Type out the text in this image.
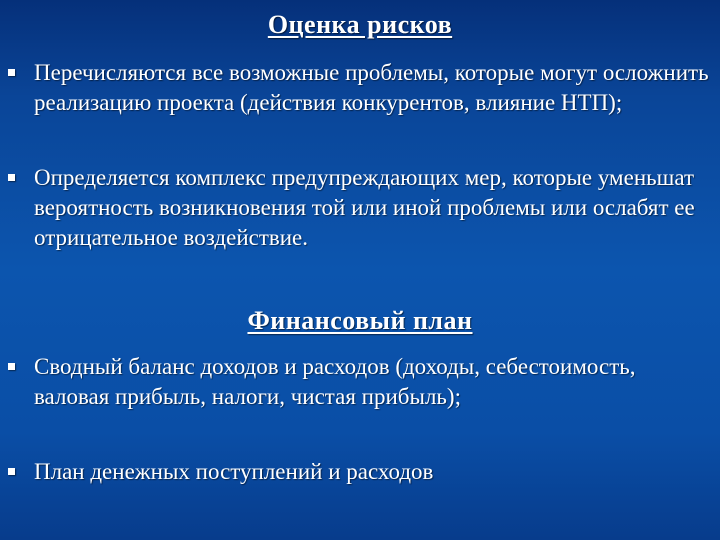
Оценка рисков
Перечисляются все возможные проблемы, которые могут осложнить реализацию проекта (действия конкурентов, влияние НТП);
Определяется комплекс предупреждающих мер, которые уменьшат вероятность возникновения той или иной проблемы или ослабят ее отрицательное воздействие.
Финансовый план
Сводный баланс доходов и расходов (доходы, себестоимость, валовая прибыль, налоги, чистая прибыль);
План денежных поступлений и расходов
